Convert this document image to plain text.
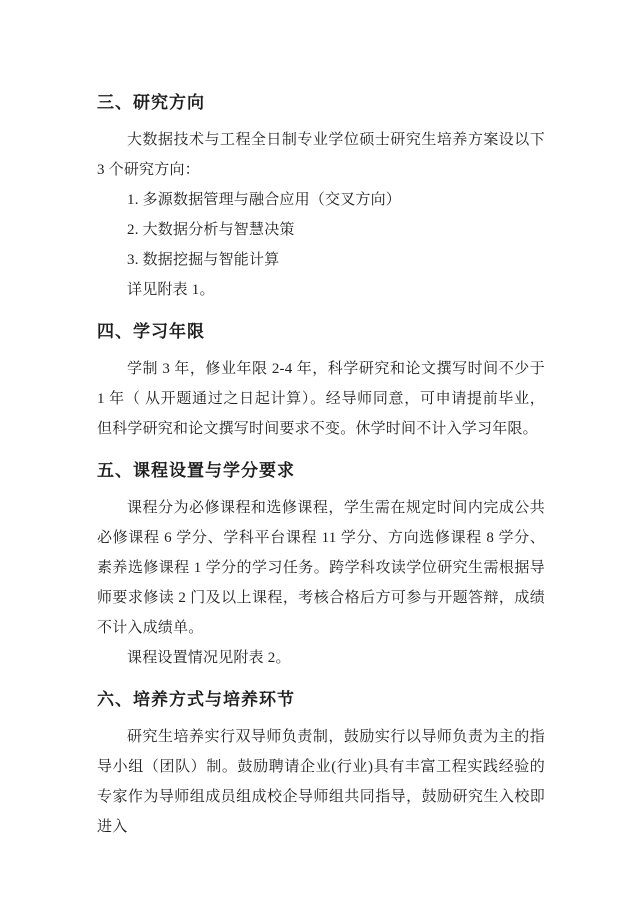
三、研究方向

大数据技术与工程全日制专业学位硕士研究生培养方案设以下 3 个研究方向：

1. 多源数据管理与融合应用（交叉方向）

2. 大数据分析与智慧决策

3. 数据挖掘与智能计算

详见附表 1。

四、学习年限

学制 3 年，修业年限 2-4 年，科学研究和论文撰写时间不少于 1 年（ 从开题通过之日起计算）。经导师同意，可申请提前毕业，但科学研究和论文撰写时间要求不变。休学时间不计入学习年限。

五、课程设置与学分要求

课程分为必修课程和选修课程，学生需在规定时间内完成公共必修课程 6 学分、学科平台课程 11 学分、方向选修课程 8 学分、素养选修课程 1 学分的学习任务。跨学科攻读学位研究生需根据导师要求修读 2 门及以上课程，考核合格后方可参与开题答辩，成绩不计入成绩单。

课程设置情况见附表 2。

六、培养方式与培养环节

研究生培养实行双导师负责制，鼓励实行以导师负责为主的指导小组（团队）制。鼓励聘请企业(行业)具有丰富工程实践经验的专家作为导师组成员组成校企导师组共同指导，鼓励研究生入校即进入
